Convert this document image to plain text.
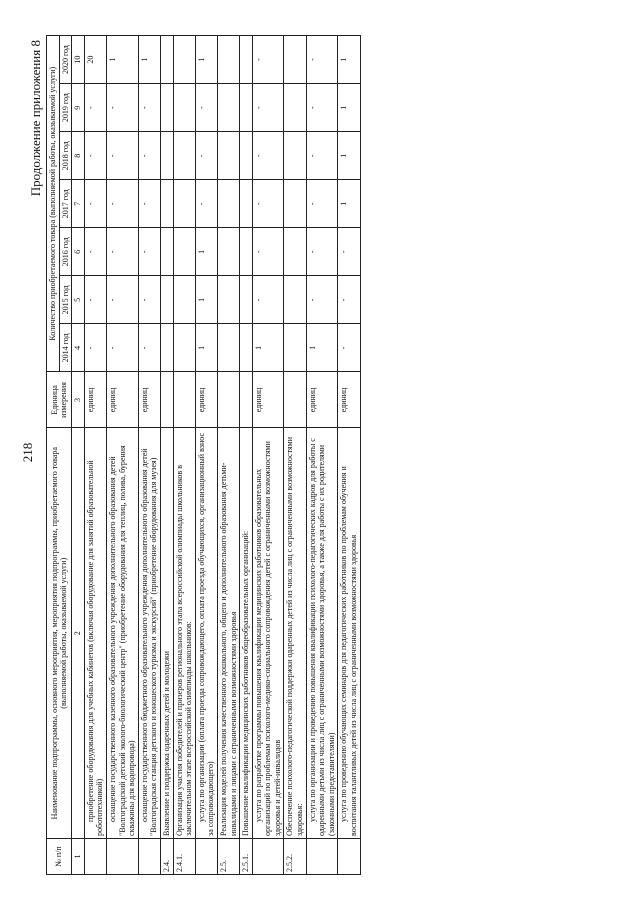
218
Продолжение приложения 8
№ п/п	Наименование подпрограммы, основного мероприятия, мероприятия подпрограммы, приобретаемого товара (выполняемой работы, оказываемой услуги)	Единица измерения	Количество приобретаемого товара (выполняемой работы, оказываемой услуги)						
			2014 год	2015 год	2016 год	2017 год	2018 год	2019 год	2020 год
1	2	3	4	5	6	7	8	9	10
	приобретение оборудования для учебных кабинетов (включая оборудование для занятий образовательной робототехникой)	единиц	-	-	-	-	-	-	20
	оснащение государственного казенного образовательного учреждения дополнительного образования детей "Волгоградский детский эколого-биологический центр" (приобретение оборудования для теплиц, полива, бурения скважины для водопровода)	единиц	-	-	-	-	-	-	1
	оснащение государственного бюджетного образовательного учреждения дополнительного образования детей "Волгоградская станция детского и юношеского туризма и экскурсий" (приобретение оборудования для музея)	единиц	-	-	-	-	-	-	1
2.4.	Выявление и поддержка одаренных детей и молодежи								
2.4.1.	Организация участия победителей и призеров регионального этапа всероссийской олимпиады школьников в заключительном этапе всероссийской олимпиады школьников:								
	услуга по организации (оплата проезда сопровождающего, оплата проезда обучающихся, организационный взнос за сопровождающего)	единиц	1	1	1	-	-	-	1
2.5.	Реализация моделей получения качественного дошкольного, общего и дополнительного образования детьми-инвалидами и лицами с ограниченными возможностями здоровья								
2.5.1.	Повышение квалификации медицинских работников общеобразовательных организаций:								
	услуга по разработке программы повышения квалификации медицинских работников образовательных организаций по проблемам психолого-медико-социального сопровождения детей с ограниченными возможностями здоровья и детей-инвалидов	единиц	1	-	-	-	-	-	-
2.5.2.	Обеспечение психолого-педагогической поддержки одаренных детей из числа лиц с ограниченными возможностями здоровья:								
	услуга по организации и проведению повышения квалификации психолого-педагогических кадров для работы с одаренными детьми из числа лиц с ограниченными возможностями здоровья, а также для работы с их родителями (законными представителями)	единиц	1	-	-	-	-	-	-
	услуга по проведению обучающих семинаров для педагогических работников по проблемам обучения и воспитания талантливых детей из числа лиц с ограниченными возможностями здоровья	единиц	-	-	-	1	1	1	1
